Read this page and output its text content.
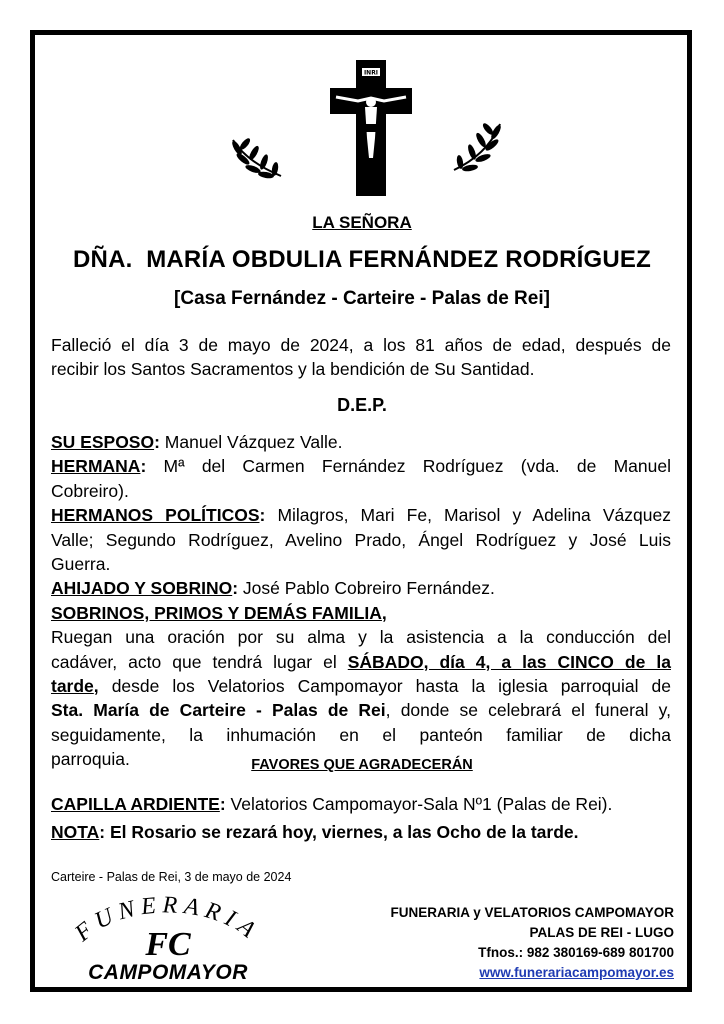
INRI
LA SEÑORA
DÑA.  MARÍA OBDULIA FERNÁNDEZ RODRÍGUEZ
[Casa Fernández - Carteire - Palas de Rei]
Falleció el día 3 de mayo de 2024, a los 81 años de edad, después de
recibir los Santos Sacramentos y la bendición de Su Santidad.
D.E.P.
SU ESPOSO: Manuel Vázquez Valle.
HERMANA: Mª del Carmen Fernández Rodríguez (vda. de Manuel
Cobreiro).
HERMANOS POLÍTICOS: Milagros, Mari Fe, Marisol y Adelina Vázquez
Valle; Segundo Rodríguez, Avelino Prado, Ángel Rodríguez y José Luis
Guerra.
AHIJADO Y SOBRINO: José Pablo Cobreiro Fernández.
SOBRINOS, PRIMOS Y DEMÁS FAMILIA,
Ruegan una oración por su alma y la asistencia a la conducción del
cadáver, acto que tendrá lugar el SÁBADO, día 4, a las CINCO de la
tarde, desde los Velatorios Campomayor hasta la iglesia parroquial de
Sta. María de Carteire - Palas de Rei, donde se celebrará el funeral y,
seguidamente, la inhumación en el panteón familiar de dicha
parroquia.	FAVORES QUE AGRADECERÁN
CAPILLA ARDIENTE: Velatorios Campomayor-Sala Nº1 (Palas de Rei).
NOTA: El Rosario se rezará hoy, viernes, a las Ocho de la tarde.
Carteire - Palas de Rei, 3 de mayo de 2024
FUNERARIA
FC
CAMPOMAYOR
FUNERARIA y VELATORIOS CAMPOMAYOR
PALAS DE REI - LUGO
Tfnos.: 982 380169-689 801700
www.funerariacampomayor.es
